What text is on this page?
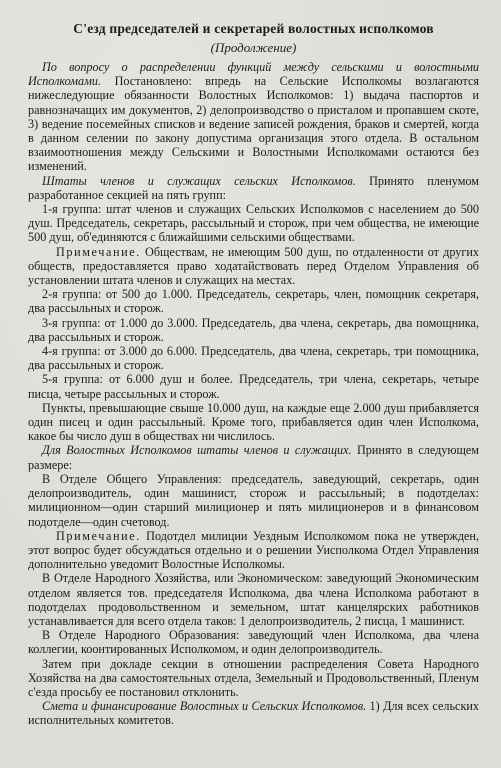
С'езд председателей и секретарей волостных исполкомов
(Продолжение)

По вопросу о распределении функций между сельскими и волостными Исполкомами. Постановлено: впредь на Сельские Исполкомы возлагаются нижеследующие обязанности Волостных Исполкомов: 1) выдача паспортов и равнозначащих им документов, 2) делопроизводство о присталом и пропавшем скоте, 3) ведение посемейных списков и ведение записей рождения, браков и смертей, когда в данном селении по закону допустима организация этого отдела. В остальном взаимоотношения между Сельскими и Волостными Исполкомами остаются без изменений.

Штаты членов и служащих сельских Исполкомов. Принято пленумом разработанное секцией на пять групп:

1-я группа: штат членов и служащих Сельских Исполкомов с населением до 500 душ. Председатель, секретарь, рассыльный и сторож, при чем общества, не имеющие 500 душ, об'единяются с ближайшими сельскими обществами.

Примечание. Обществам, не имеющим 500 душ, по отдаленности от других обществ, предоставляется право ходатайствовать перед Отделом Управления об установлении штата членов и служащих на местах.

2-я группа: от 500 до 1.000. Председатель, секретарь, член, помощник секретаря, два рассыльных и сторож.

3-я группа: от 1.000 до 3.000. Председатель, два члена, секретарь, два помощника, два рассыльных и сторож.

4-я группа: от 3.000 до 6.000. Председатель, два члена, секретарь, три помощника, два рассыльных и сторож.

5-я группа: от 6.000 душ и более. Председатель, три члена, секретарь, четыре писца, четыре рассыльных и сторож.

Пункты, превышающие свыше 10.000 душ, на каждые еще 2.000 душ прибавляется один писец и один рассыльный. Кроме того, прибавляется один член Исполкома, какое бы число душ в обществах ни числилось.

Для Волостных Исполкомов штаты членов и служащих. Принято в следующем размере:

В Отделе Общего Управления: председатель, заведующий, секретарь, один делопроизводитель, один машинист, сторож и рассыльный; в подотделах: милиционном—один старший милиционер и пять милиционеров и в финансовом подотделе—один счетовод.

Примечание. Подотдел милиции Уездным Исполкомом пока не утвержден, этот вопрос будет обсуждаться отдельно и о решении Уисполкома Отдел Управления дополнительно уведомит Волостные Исполкомы.

В Отделе Народного Хозяйства, или Экономическом: заведующий Экономическим отделом является тов. председателя Исполкома, два члена Исполкома работают в подотделах продовольственном и земельном, штат канцелярских работников устанавливается для всего отдела таков: 1 делопроизводитель, 2 писца, 1 машинист.

В Отделе Народного Образования: заведующий член Исполкома, два члена коллегии, коонтированных Исполкомом, и один делопроизводитель.

Затем при докладе секции в отношении распределения Совета Народного Хозяйства на два самостоятельных отдела, Земельный и Продовольственный, Пленум с'езда просьбу ее постановил отклонить.

Смета и финансирование Волостных и Сельских Исполкомов. 1) Для всех сельских исполнительных комитетов.
